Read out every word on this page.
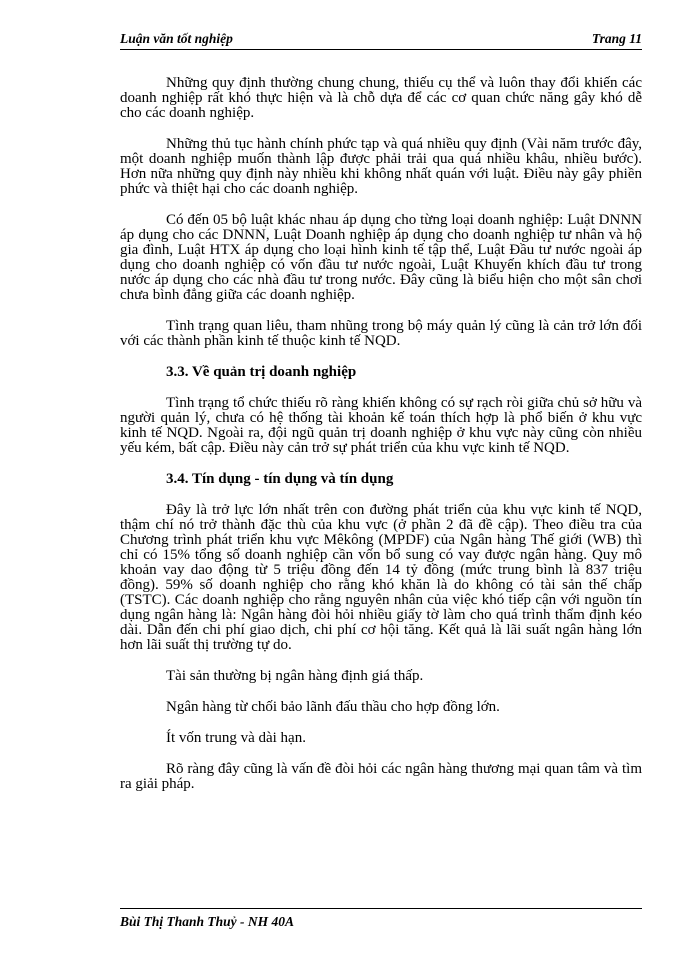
Luận văn tốt nghiệp	Trang 11

Những quy định thường chung chung, thiếu cụ thể và luôn thay đổi khiến các doanh nghiệp rất khó thực hiện và là chỗ dựa để các cơ quan chức năng gây khó dễ cho các doanh nghiệp.

Những thủ tục hành chính phức tạp và quá nhiều quy định (Vài năm trước đây, một doanh nghiệp muốn thành lập được phải trải qua quá nhiều khâu, nhiều bước). Hơn nữa những quy định này nhiều khi không nhất quán với luật. Điều này gây phiền phức và thiệt hại cho các doanh nghiệp.

Có đến 05 bộ luật khác nhau áp dụng cho từng loại doanh nghiệp: Luật DNNN áp dụng cho các DNNN, Luật Doanh nghiệp áp dụng cho doanh nghiệp tư nhân và hộ gia đình, Luật HTX áp dụng cho loại hình kinh tế tập thể, Luật Đầu tư nước ngoài áp dụng cho doanh nghiệp có vốn đầu tư nước ngoài, Luật Khuyến khích đầu tư trong nước áp dụng cho các nhà đầu tư trong nước. Đây cũng là biểu hiện cho một sân chơi chưa bình đẳng giữa các doanh nghiệp.

Tình trạng quan liêu, tham nhũng trong bộ máy quản lý cũng là cản trở lớn đối với các thành phần kinh tế thuộc kinh tế NQD.

3.3. Về quản trị doanh nghiệp

Tình trạng tổ chức thiếu rõ ràng khiến không có sự rạch ròi giữa chủ sở hữu và người quản lý, chưa có hệ thống tài khoản kế toán thích hợp là phổ biến ở khu vực kinh tế NQD. Ngoài ra, đội ngũ quản trị doanh nghiệp ở khu vực này cũng còn nhiều yếu kém, bất cập. Điều này cản trở sự phát triển của khu vực kinh tế NQD.

3.4. Tín dụng - tín dụng và tín dụng

Đây là trở lực lớn nhất trên con đường phát triển của khu vực kinh tế NQD, thậm chí nó trở thành đặc thù của khu vực (ở phần 2 đã đề cập). Theo điều tra của Chương trình phát triển khu vực Mêkông (MPDF) của Ngân hàng Thế giới (WB) thì chỉ có 15% tổng số doanh nghiệp cần vốn bổ sung có vay được ngân hàng. Quy mô khoản vay dao động từ 5 triệu đồng đến 14 tỷ đồng (mức trung bình là 837 triệu đồng). 59% số doanh nghiệp cho rằng khó khăn là do không có tài sản thế chấp (TSTC). Các doanh nghiệp cho rằng nguyên nhân của việc khó tiếp cận với nguồn tín dụng ngân hàng là: Ngân hàng đòi hỏi nhiều giấy tờ làm cho quá trình thẩm định kéo dài. Dẫn đến chi phí giao dịch, chi phí cơ hội tăng. Kết quả là lãi suất ngân hàng lớn hơn lãi suất thị trường tự do.

Tài sản thường bị ngân hàng định giá thấp.

Ngân hàng từ chối bảo lãnh đấu thầu cho hợp đồng lớn.

Ít vốn trung và dài hạn.

Rõ ràng đây cũng là vấn đề đòi hỏi các ngân hàng thương mại quan tâm và tìm ra giải pháp.

Bùi Thị Thanh Thuỷ - NH 40A
